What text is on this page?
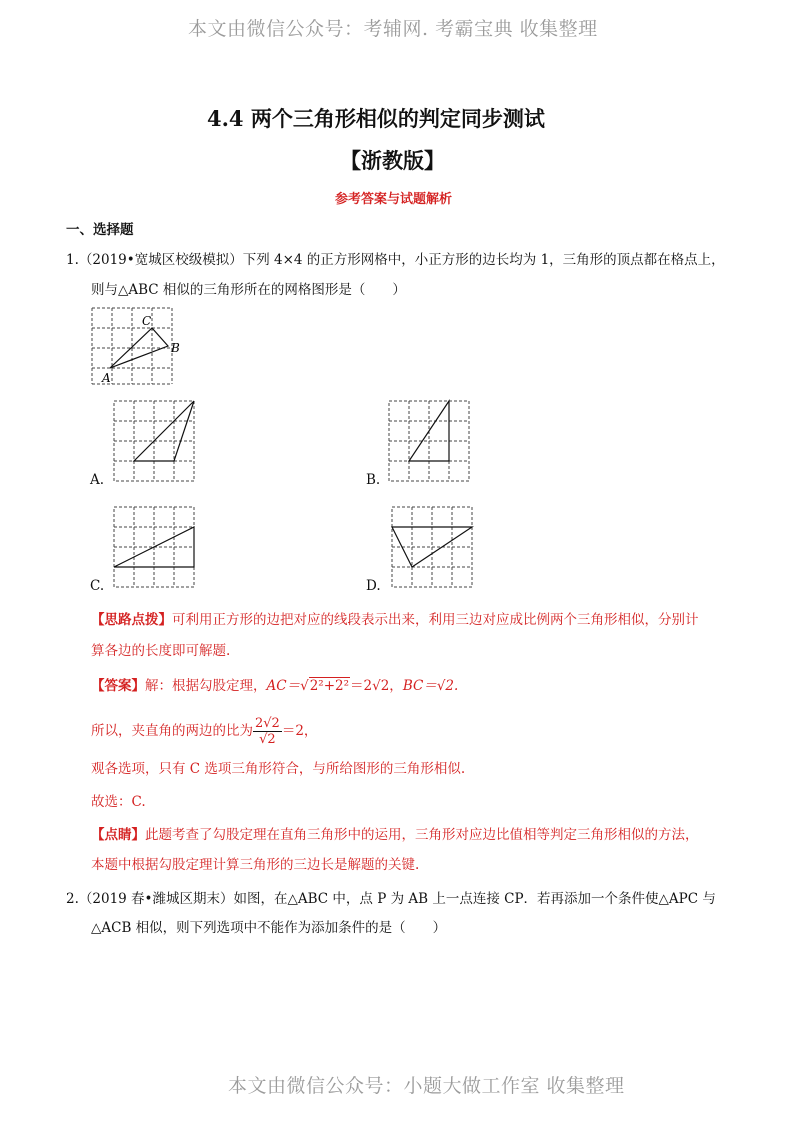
本文由微信公众号：考辅网. 考霸宝典 收集整理
本文由微信公众号：小题大做工作室 收集整理
4.4 两个三角形相似的判定同步测试
【浙教版】
参考答案与试题解析
一、选择题
1.（2019•宽城区校级模拟）下列 4×4 的正方形网格中，小正方形的边长均为 1，三角形的顶点都在格点上，
则与△ABC 相似的三角形所在的网格图形是（　　）
C
B
A
A.	B.
C.	D.
【思路点拨】可利用正方形的边把对应的线段表示出来，利用三边对应成比例两个三角形相似，分别计
算各边的长度即可解题.
【答案】解：根据勾股定理，AC＝√2²+2²＝2√2，BC＝√2.
所以，夹直角的两边的比为 $\frac{2√2}{√2} =2$，
观各选项，只有 C 选项三角形符合，与所给图形的三角形相似.
故选：C.
【点睛】此题考查了勾股定理在直角三角形中的运用，三角形对应边比值相等判定三角形相似的方法，
本题中根据勾股定理计算三角形的三边长是解题的关键.
2.（2019 春•潍城区期末）如图，在△ABC 中，点 P 为 AB 上一点连接 CP．若再添加一个条件使△APC 与
△ACB 相似，则下列选项中不能作为添加条件的是（　　）
